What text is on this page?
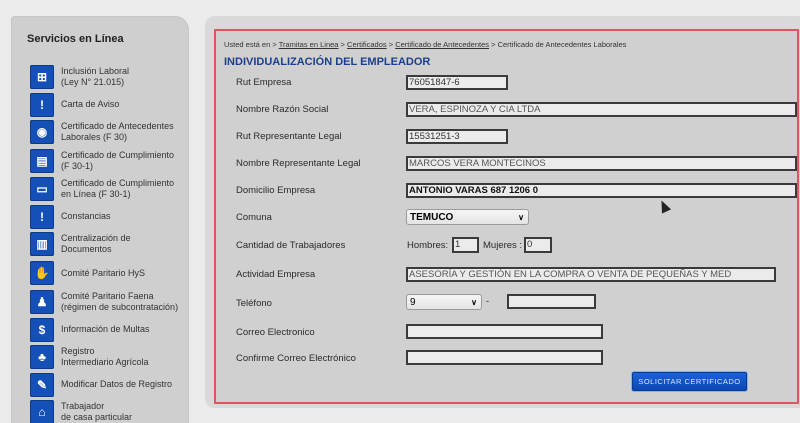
Servicios en Línea
⊞	Inclusión Laboral
(Ley N° 21.015)
!	Carta de Aviso
◉	Certificado de Antecedentes
Laborales (F 30)
▤	Certificado de Cumplimiento
(F 30-1)
▭	Certificado de Cumplimiento
en Línea (F 30-1)
!	Constancias
▥	Centralización de
Documentos
✋	Comité Paritario HyS
♟	Comité Paritario Faena
(régimen de subcontratación)
$	Información de Multas
♣	Registro
Intermediario Agrícola
✎	Modificar Datos de Registro
⌂	Trabajador
de casa particular
Usted está en > Tramitas en Linea > Certificados > Certificado de Antecedentes > Certificado de Antecedentes Laborales
INDIVIDUALIZACIÓN DEL EMPLEADOR
Rut Empresa	76051847-6
Nombre Razón Social	VERA, ESPINOZA Y CIA LTDA
Rut Representante Legal	15531251-3
Nombre Representante Legal	MARCOS VERA MONTECINOS
Domicilio Empresa	ANTONIO VARAS 687 1206 0
Comuna	TEMUCO	∨
Cantidad de Trabajadores	Hombres: 1	Mujeres : 0
Actividad Empresa	ASESORÍA Y GESTIÓN EN LA COMPRA O VENTA DE PEQUEÑAS Y MED
Teléfono	9	∨ -
Correo Electronico
Confirme Correo Electrónico
SOLICITAR CERTIFICADO
